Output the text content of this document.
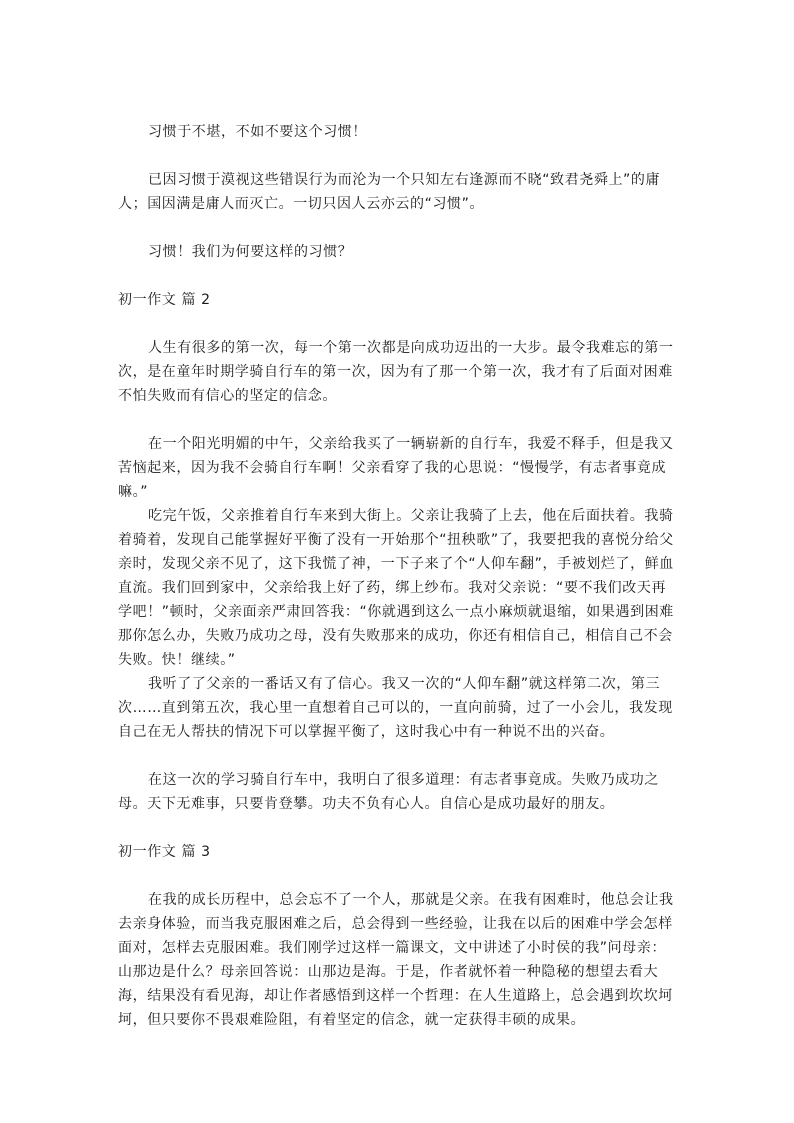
习惯于不堪，不如不要这个习惯！

已因习惯于漠视这些错误行为而沦为一个只知左右逢源而不晓“致君尧舜上”的庸人；国因满是庸人而灭亡。一切只因人云亦云的“习惯”。

习惯！我们为何要这样的习惯？

初一作文 篇 2

人生有很多的第一次，每一个第一次都是向成功迈出的一大步。最令我难忘的第一次，是在童年时期学骑自行车的第一次，因为有了那一个第一次，我才有了后面对困难不怕失败而有信心的坚定的信念。

在一个阳光明媚的中午，父亲给我买了一辆崭新的自行车，我爱不释手，但是我又苦恼起来，因为我不会骑自行车啊！父亲看穿了我的心思说：“慢慢学，有志者事竟成嘛。”

吃完午饭，父亲推着自行车来到大街上。父亲让我骑了上去，他在后面扶着。我骑着骑着，发现自己能掌握好平衡了没有一开始那个“扭秧歌”了，我要把我的喜悦分给父亲时，发现父亲不见了，这下我慌了神，一下子来了个“人仰车翻”，手被划烂了，鲜血直流。我们回到家中，父亲给我上好了药，绑上纱布。我对父亲说：“要不我们改天再学吧！”顿时，父亲面亲严肃回答我：“你就遇到这么一点小麻烦就退缩，如果遇到困难那你怎么办，失败乃成功之母，没有失败那来的成功，你还有相信自己，相信自己不会失败。快！继续。”

我听了了父亲的一番话又有了信心。我又一次的“人仰车翻”就这样第二次，第三次……直到第五次，我心里一直想着自己可以的，一直向前骑，过了一小会儿，我发现自己在无人帮扶的情况下可以掌握平衡了，这时我心中有一种说不出的兴奋。

在这一次的学习骑自行车中，我明白了很多道理：有志者事竟成。失败乃成功之母。天下无难事，只要肯登攀。功夫不负有心人。自信心是成功最好的朋友。

初一作文 篇 3

在我的成长历程中，总会忘不了一个人，那就是父亲。在我有困难时，他总会让我去亲身体验，而当我克服困难之后，总会得到一些经验，让我在以后的困难中学会怎样面对，怎样去克服困难。我们刚学过这样一篇课文，文中讲述了小时侯的我”问母亲：山那边是什么？母亲回答说：山那边是海。于是，作者就怀着一种隐秘的想望去看大海，结果没有看见海，却让作者感悟到这样一个哲理：在人生道路上，总会遇到坎坎坷坷，但只要你不畏艰难险阻，有着坚定的信念，就一定获得丰硕的成果。
